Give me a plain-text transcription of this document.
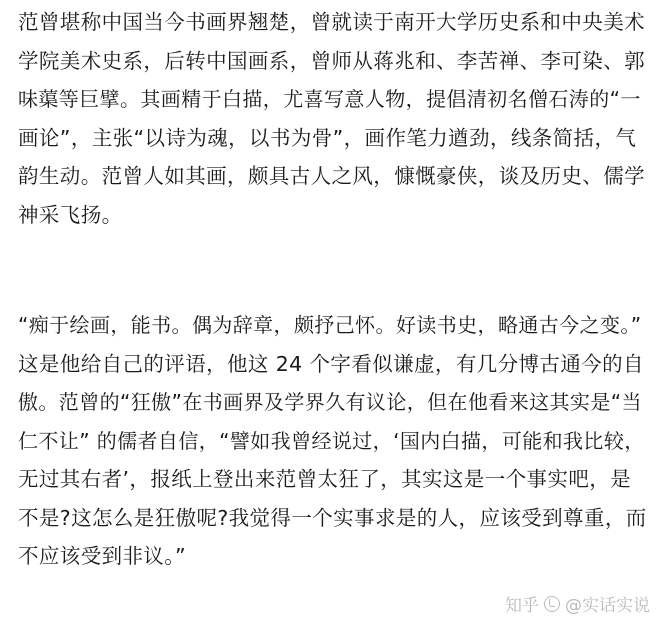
范曾堪称中国当今书画界翘楚，曾就读于南开大学历史系和中央美术
学院美术史系，后转中国画系，曾师从蒋兆和、李苦禅、李可染、郭
味蕖等巨擘。其画精于白描，尤喜写意人物，提倡清初名僧石涛的“一
画论”，主张“以诗为魂，以书为骨”，画作笔力遒劲，线条简括，气
韵生动。范曾人如其画，颇具古人之风，慷慨豪侠，谈及历史、儒学
神采飞扬。
“痴于绘画，能书。偶为辞章，颇抒己怀。好读书史，略通古今之变。”
这是他给自己的评语，他这 24 个字看似谦虚，有几分博古通今的自
傲。范曾的“狂傲”在书画界及学界久有议论，但在他看来这其实是“当
仁不让” 的儒者自信，“譬如我曾经说过，‘国内白描，可能和我比较，
无过其右者’，报纸上登出来范曾太狂了，其实这是一个事实吧，是
不是?这怎么是狂傲呢?我觉得一个实事求是的人，应该受到尊重，而
不应该受到非议。”
知乎 @实话实说
